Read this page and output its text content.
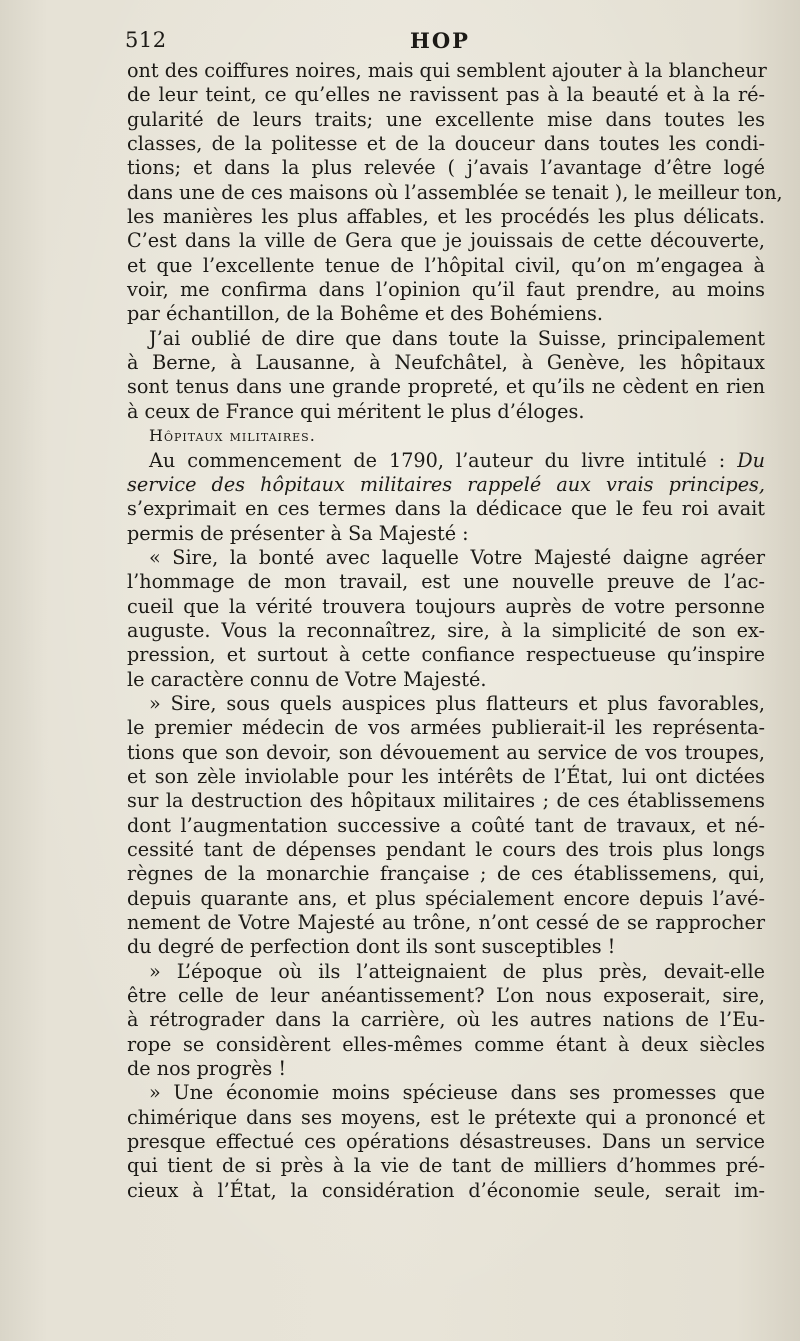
512	HOP
ont des coiffures noires, mais qui semblent ajouter à la blancheur
de leur teint, ce qu’elles ne ravissent pas à la beauté et à la ré-
gularité de leurs traits; une excellente mise dans toutes les
classes, de la politesse et de la douceur dans toutes les condi-
tions; et dans la plus relevée ( j’avais l’avantage d’être logé
dans une de ces maisons où l’assemblée se tenait ), le meilleur ton,
les manières les plus affables, et les procédés les plus délicats.
C’est dans la ville de Gera que je jouissais de cette découverte,
et que l’excellente tenue de l’hôpital civil, qu’on m’engagea à
voir, me confirma dans l’opinion qu’il faut prendre, au moins
par échantillon, de la Bohême et des Bohémiens.
J’ai oublié de dire que dans toute la Suisse, principalement
à Berne, à Lausanne, à Neufchâtel, à Genève, les hôpitaux
sont tenus dans une grande propreté, et qu’ils ne cèdent en rien
à ceux de France qui méritent le plus d’éloges.
Hôpitaux militaires.
Au commencement de 1790, l’auteur du livre intitulé : Du
service des hôpitaux militaires rappelé aux vrais principes,
s’exprimait en ces termes dans la dédicace que le feu roi avait
permis de présenter à Sa Majesté :
« Sire, la bonté avec laquelle Votre Majesté daigne agréer
l’hommage de mon travail, est une nouvelle preuve de l’ac-
cueil que la vérité trouvera toujours auprès de votre personne
auguste. Vous la reconnaîtrez, sire, à la simplicité de son ex-
pression, et surtout à cette confiance respectueuse qu’inspire
le caractère connu de Votre Majesté.
» Sire, sous quels auspices plus flatteurs et plus favorables,
le premier médecin de vos armées publierait-il les représenta-
tions que son devoir, son dévouement au service de vos troupes,
et son zèle inviolable pour les intérêts de l’État, lui ont dictées
sur la destruction des hôpitaux militaires ; de ces établissemens
dont l’augmentation successive a coûté tant de travaux, et né-
cessité tant de dépenses pendant le cours des trois plus longs
règnes de la monarchie française ; de ces établissemens, qui,
depuis quarante ans, et plus spécialement encore depuis l’avé-
nement de Votre Majesté au trône, n’ont cessé de se rapprocher
du degré de perfection dont ils sont susceptibles !
» L’époque où ils l’atteignaient de plus près, devait-elle
être celle de leur anéantissement? L’on nous exposerait, sire,
à rétrograder dans la carrière, où les autres nations de l’Eu-
rope se considèrent elles-mêmes comme étant à deux siècles
de nos progrès !
» Une économie moins spécieuse dans ses promesses que
chimérique dans ses moyens, est le prétexte qui a prononcé et
presque effectué ces opérations désastreuses. Dans un service
qui tient de si près à la vie de tant de milliers d’hommes pré-
cieux à l’État, la considération d’économie seule, serait im-
